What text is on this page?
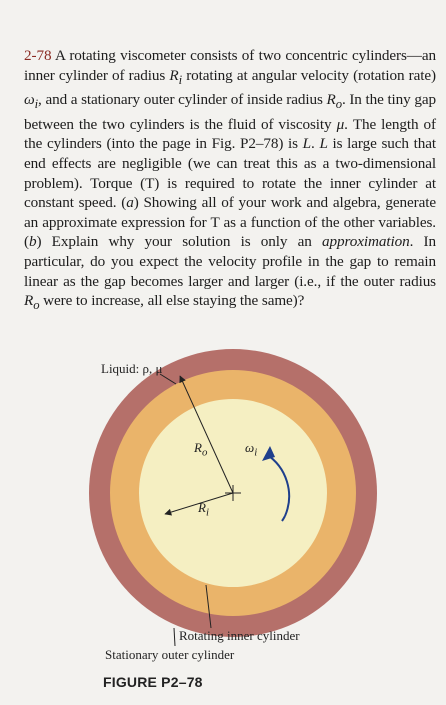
2-78 A rotating viscometer consists of two concentric cylinders—an inner cylinder of radius $R_i$ rotating at angular velocity (rotation rate) $\omega_i$, and a stationary outer cylinder of inside radius $R_o$. In the tiny gap between the two cylinders is the fluid of viscosity μ. The length of the cylinders (into the page in Fig. P2–78) is L. L is large such that end effects are negligible (we can treat this as a two-dimensional problem). Torque (T) is required to rotate the inner cylinder at constant speed. (a) Showing all of your work and algebra, generate an approximate expression for T as a function of the other variables. (b) Explain why your solution is only an approximation. In particular, do you expect the velocity profile in the gap to remain linear as the gap becomes larger and larger (i.e., if the outer radius $R_o$ were to increase, all else staying the same)?
Liquid: ρ, μ
$R_o$
$R_i$
$\omega_i$
Rotating inner cylinder
Stationary outer cylinder
FIGURE P2–78
